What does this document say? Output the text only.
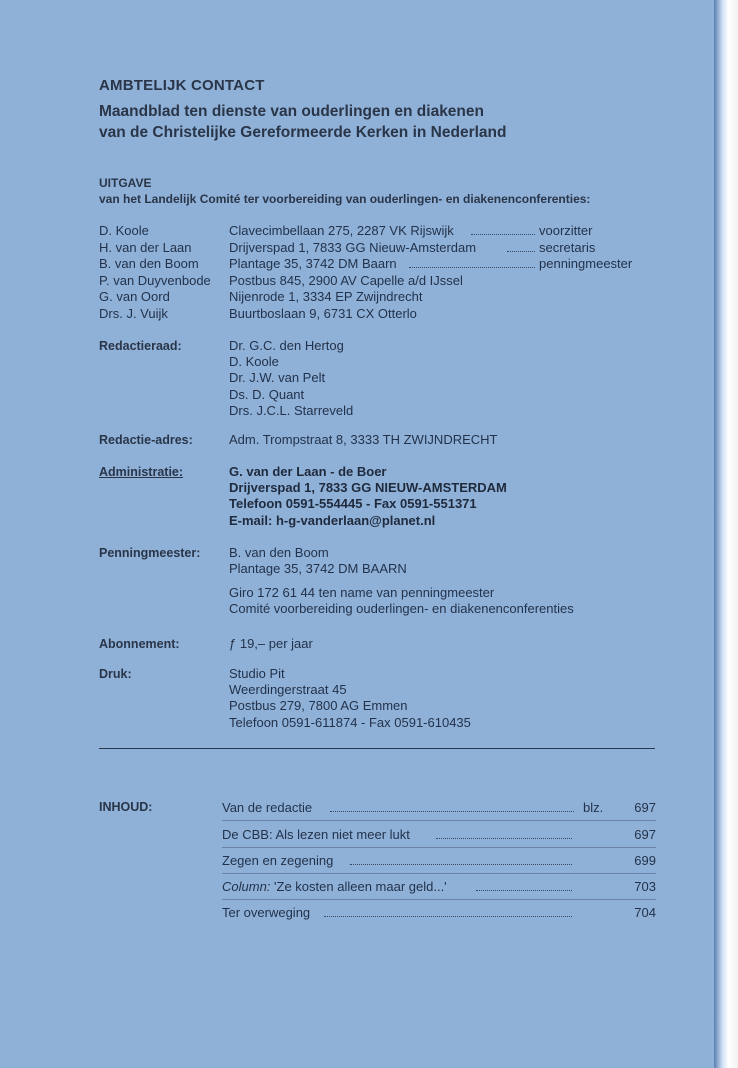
AMBTELIJK CONTACT
Maandblad ten dienste van ouderlingen en diakenen
van de Christelijke Gereformeerde Kerken in Nederland
UITGAVE
van het Landelijk Comité ter voorbereiding van ouderlingen- en diakenenconferenties:
D. Koole	Clavecimbellaan 275, 2287 VK Rijswijk	voorzitter
H. van der Laan	Drijverspad 1, 7833 GG Nieuw-Amsterdam	secretaris
B. van den Boom Plantage 35, 3742 DM Baarn	penningmeester
P. van Duyvenbode Postbus 845, 2900 AV Capelle a/d IJssel
G. van Oord	Nijenrode 1, 3334 EP Zwijndrecht
Drs. J. Vuijk	Buurtboslaan 9, 6731 CX Otterlo
Redactieraad:	Dr. G.C. den Hertog
D. Koole
Dr. J.W. van Pelt
Ds. D. Quant
Drs. J.C.L. Starreveld
Redactie-adres:	Adm. Trompstraat 8, 3333 TH ZWIJNDRECHT
Administratie:	G. van der Laan - de Boer
Drijverspad 1, 7833 GG NIEUW-AMSTERDAM
Telefoon 0591-554445 - Fax 0591-551371
E-mail: h-g-vanderlaan@planet.nl
Penningmeester: B. van den Boom
Plantage 35, 3742 DM BAARN
Giro 172 61 44 ten name van penningmeester
Comité voorbereiding ouderlingen- en diakenenconferenties
Abonnement:	ƒ 19,– per jaar
Druk:	Studio Pit
Weerdingerstraat 45
Postbus 279, 7800 AG Emmen
Telefoon 0591-611874 - Fax 0591-610435
INHOUD:	Van de redactie	blz. 697
De CBB: Als lezen niet meer lukt	697
Zegen en zegening	699
Column: 'Ze kosten alleen maar geld...'	703
Ter overweging	704
